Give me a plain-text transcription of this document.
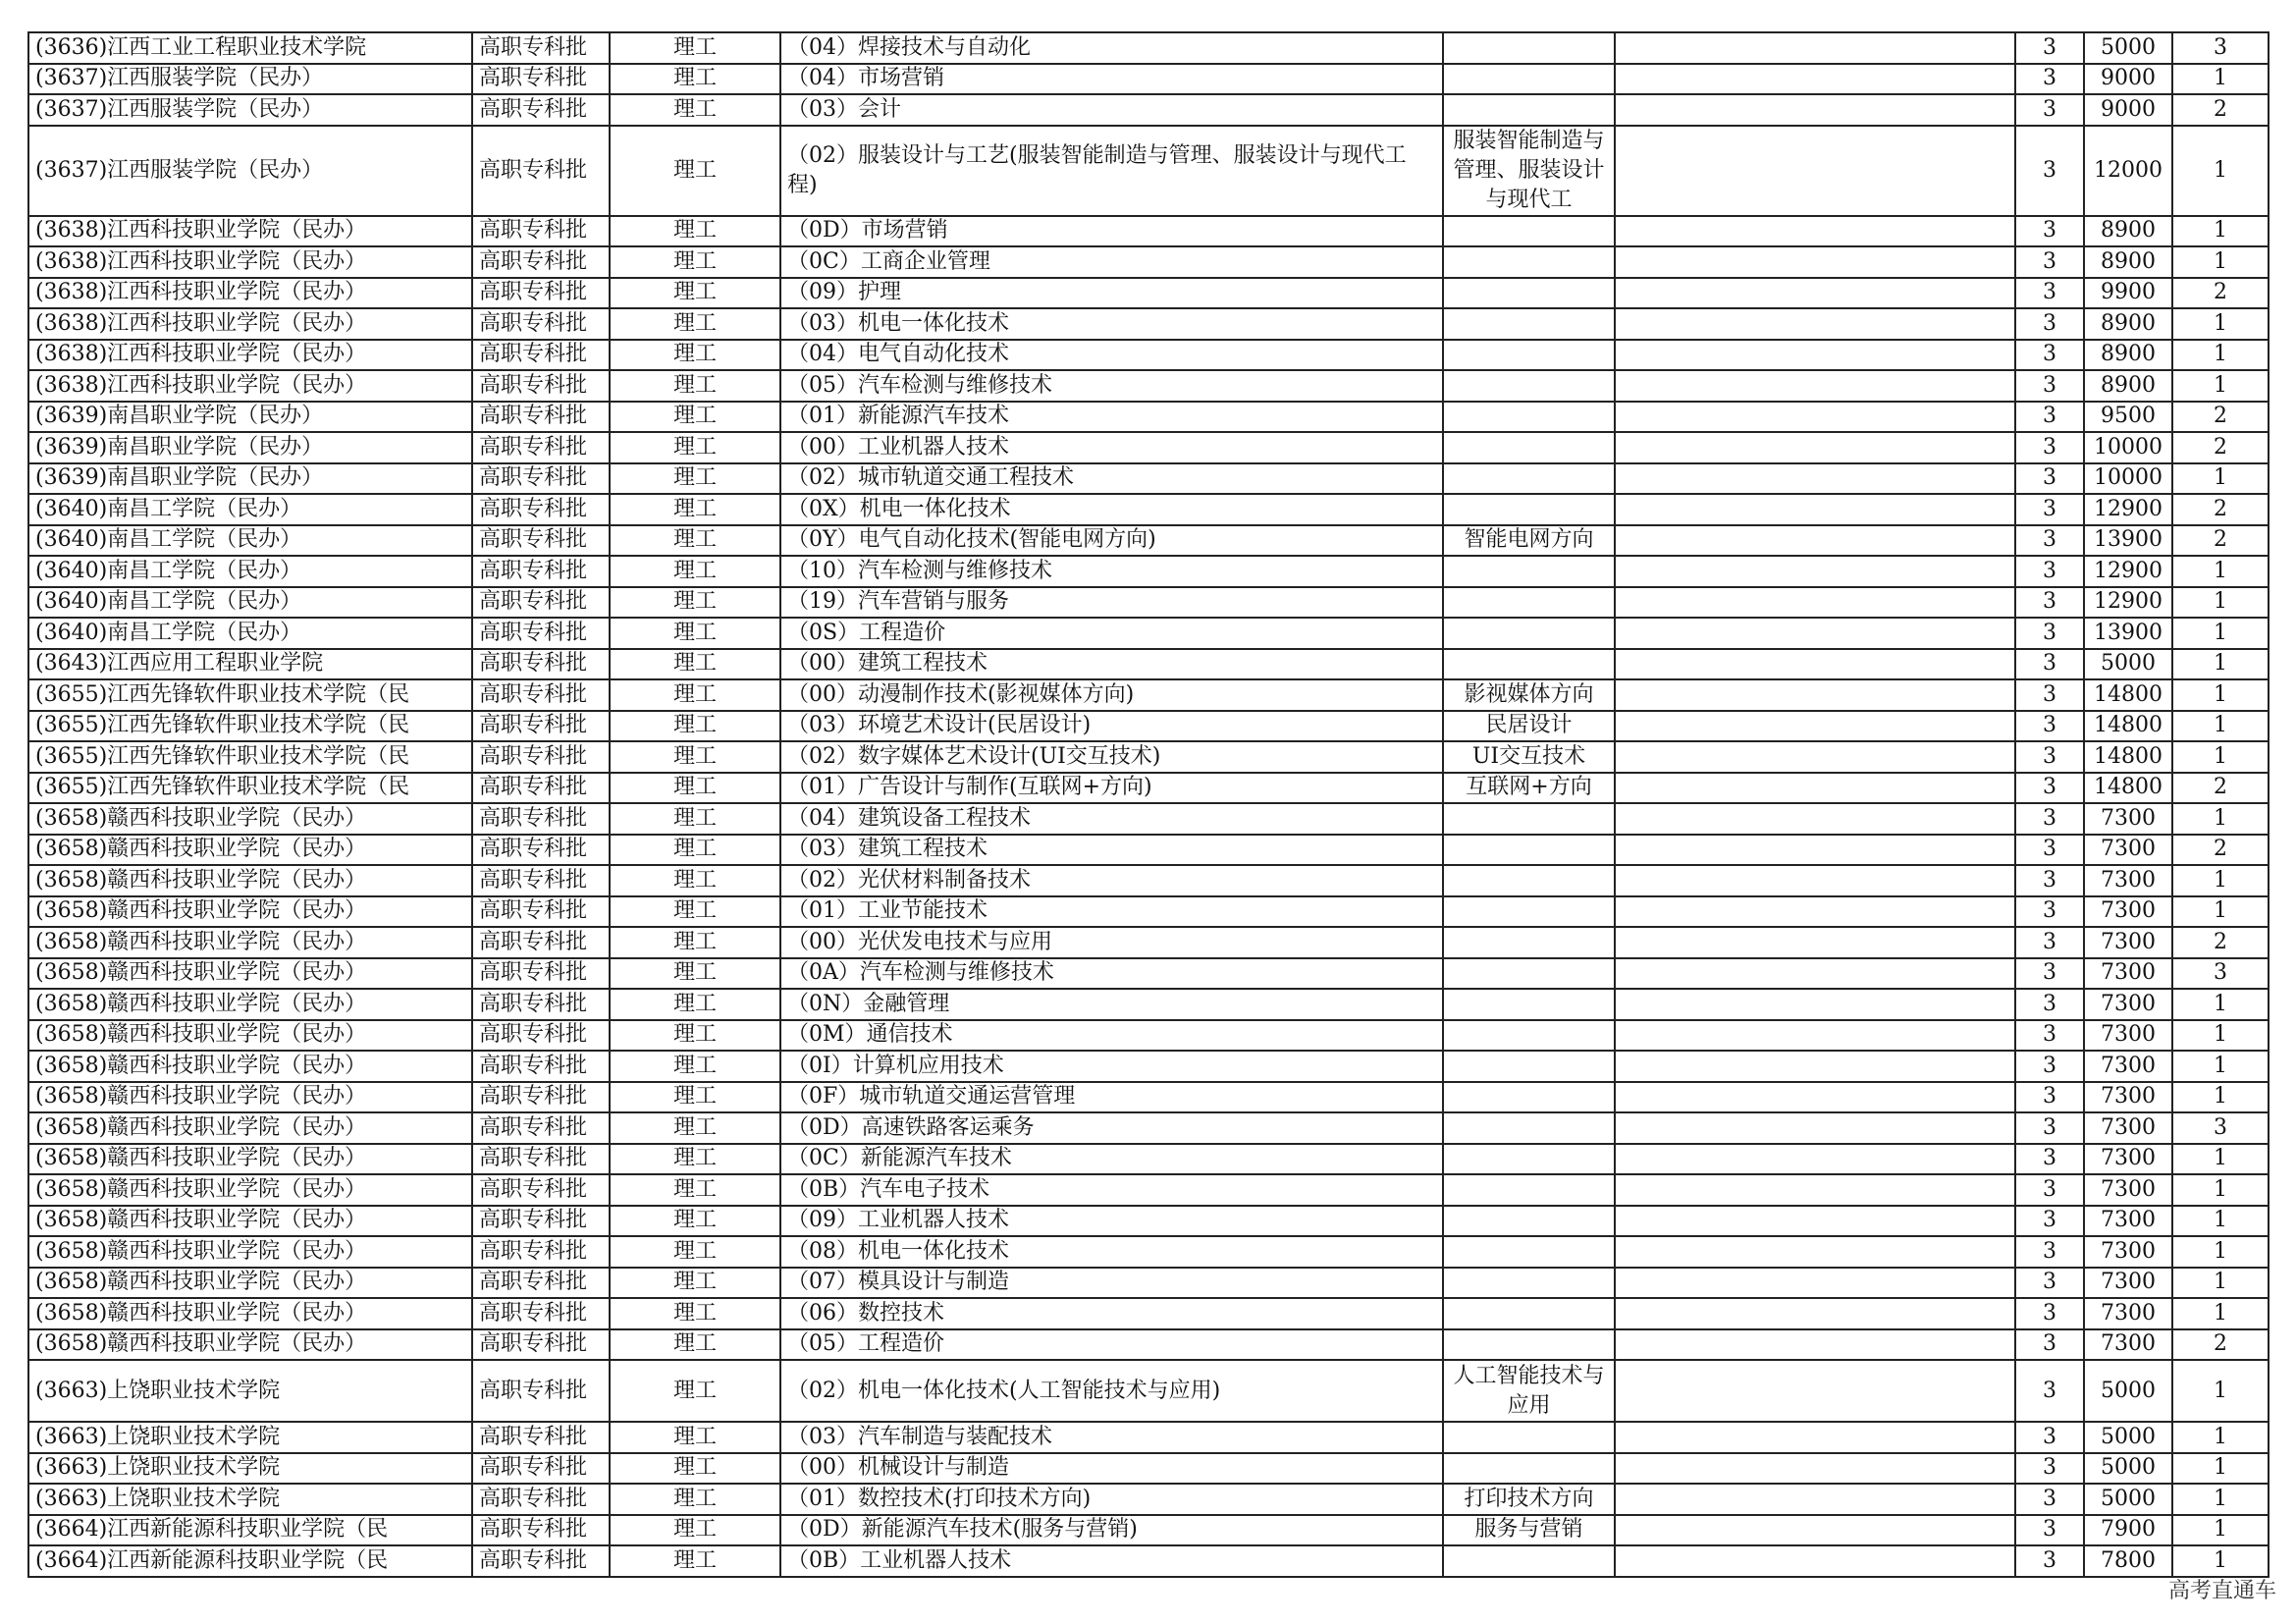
(3636)江西工业工程职业技术学院	高职专科批	理工	（04）焊接技术与自动化			3	5000	3
(3637)江西服装学院（民办）	高职专科批	理工	（04）市场营销			3	9000	1
(3637)江西服装学院（民办）	高职专科批	理工	（03）会计			3	9000	2
(3637)江西服装学院（民办）	高职专科批	理工	（02）服装设计与工艺(服装智能制造与管理、服装设计与现代工程)	服装智能制造与管理、服装设计与现代工		3	12000	1
(3638)江西科技职业学院（民办）	高职专科批	理工	（0D）市场营销			3	8900	1
(3638)江西科技职业学院（民办）	高职专科批	理工	（0C）工商企业管理			3	8900	1
(3638)江西科技职业学院（民办）	高职专科批	理工	（09）护理			3	9900	2
(3638)江西科技职业学院（民办）	高职专科批	理工	（03）机电一体化技术			3	8900	1
(3638)江西科技职业学院（民办）	高职专科批	理工	（04）电气自动化技术			3	8900	1
(3638)江西科技职业学院（民办）	高职专科批	理工	（05）汽车检测与维修技术			3	8900	1
(3639)南昌职业学院（民办）	高职专科批	理工	（01）新能源汽车技术			3	9500	2
(3639)南昌职业学院（民办）	高职专科批	理工	（00）工业机器人技术			3	10000	2
(3639)南昌职业学院（民办）	高职专科批	理工	（02）城市轨道交通工程技术			3	10000	1
(3640)南昌工学院（民办）	高职专科批	理工	（0X）机电一体化技术			3	12900	2
(3640)南昌工学院（民办）	高职专科批	理工	（0Y）电气自动化技术(智能电网方向)	智能电网方向		3	13900	2
(3640)南昌工学院（民办）	高职专科批	理工	（10）汽车检测与维修技术			3	12900	1
(3640)南昌工学院（民办）	高职专科批	理工	（19）汽车营销与服务			3	12900	1
(3640)南昌工学院（民办）	高职专科批	理工	（0S）工程造价			3	13900	1
(3643)江西应用工程职业学院	高职专科批	理工	（00）建筑工程技术			3	5000	1
(3655)江西先锋软件职业技术学院（民	高职专科批	理工	（00）动漫制作技术(影视媒体方向)	影视媒体方向		3	14800	1
(3655)江西先锋软件职业技术学院（民	高职专科批	理工	（03）环境艺术设计(民居设计)	民居设计		3	14800	1
(3655)江西先锋软件职业技术学院（民	高职专科批	理工	（02）数字媒体艺术设计(UI交互技术)	UI交互技术		3	14800	1
(3655)江西先锋软件职业技术学院（民	高职专科批	理工	（01）广告设计与制作(互联网+方向)	互联网+方向		3	14800	2
(3658)赣西科技职业学院（民办）	高职专科批	理工	（04）建筑设备工程技术			3	7300	1
(3658)赣西科技职业学院（民办）	高职专科批	理工	（03）建筑工程技术			3	7300	2
(3658)赣西科技职业学院（民办）	高职专科批	理工	（02）光伏材料制备技术			3	7300	1
(3658)赣西科技职业学院（民办）	高职专科批	理工	（01）工业节能技术			3	7300	1
(3658)赣西科技职业学院（民办）	高职专科批	理工	（00）光伏发电技术与应用			3	7300	2
(3658)赣西科技职业学院（民办）	高职专科批	理工	（0A）汽车检测与维修技术			3	7300	3
(3658)赣西科技职业学院（民办）	高职专科批	理工	（0N）金融管理			3	7300	1
(3658)赣西科技职业学院（民办）	高职专科批	理工	（0M）通信技术			3	7300	1
(3658)赣西科技职业学院（民办）	高职专科批	理工	（0I）计算机应用技术			3	7300	1
(3658)赣西科技职业学院（民办）	高职专科批	理工	（0F）城市轨道交通运营管理			3	7300	1
(3658)赣西科技职业学院（民办）	高职专科批	理工	（0D）高速铁路客运乘务			3	7300	3
(3658)赣西科技职业学院（民办）	高职专科批	理工	（0C）新能源汽车技术			3	7300	1
(3658)赣西科技职业学院（民办）	高职专科批	理工	（0B）汽车电子技术			3	7300	1
(3658)赣西科技职业学院（民办）	高职专科批	理工	（09）工业机器人技术			3	7300	1
(3658)赣西科技职业学院（民办）	高职专科批	理工	（08）机电一体化技术			3	7300	1
(3658)赣西科技职业学院（民办）	高职专科批	理工	（07）模具设计与制造			3	7300	1
(3658)赣西科技职业学院（民办）	高职专科批	理工	（06）数控技术			3	7300	1
(3658)赣西科技职业学院（民办）	高职专科批	理工	（05）工程造价			3	7300	2
(3663)上饶职业技术学院	高职专科批	理工	（02）机电一体化技术(人工智能技术与应用)	人工智能技术与应用		3	5000	1
(3663)上饶职业技术学院	高职专科批	理工	（03）汽车制造与装配技术			3	5000	1
(3663)上饶职业技术学院	高职专科批	理工	（00）机械设计与制造			3	5000	1
(3663)上饶职业技术学院	高职专科批	理工	（01）数控技术(打印技术方向)	打印技术方向		3	5000	1
(3664)江西新能源科技职业学院（民	高职专科批	理工	（0D）新能源汽车技术(服务与营销)	服务与营销		3	7900	1
(3664)江西新能源科技职业学院（民	高职专科批	理工	（0B）工业机器人技术			3	7800	1
高考直通车
